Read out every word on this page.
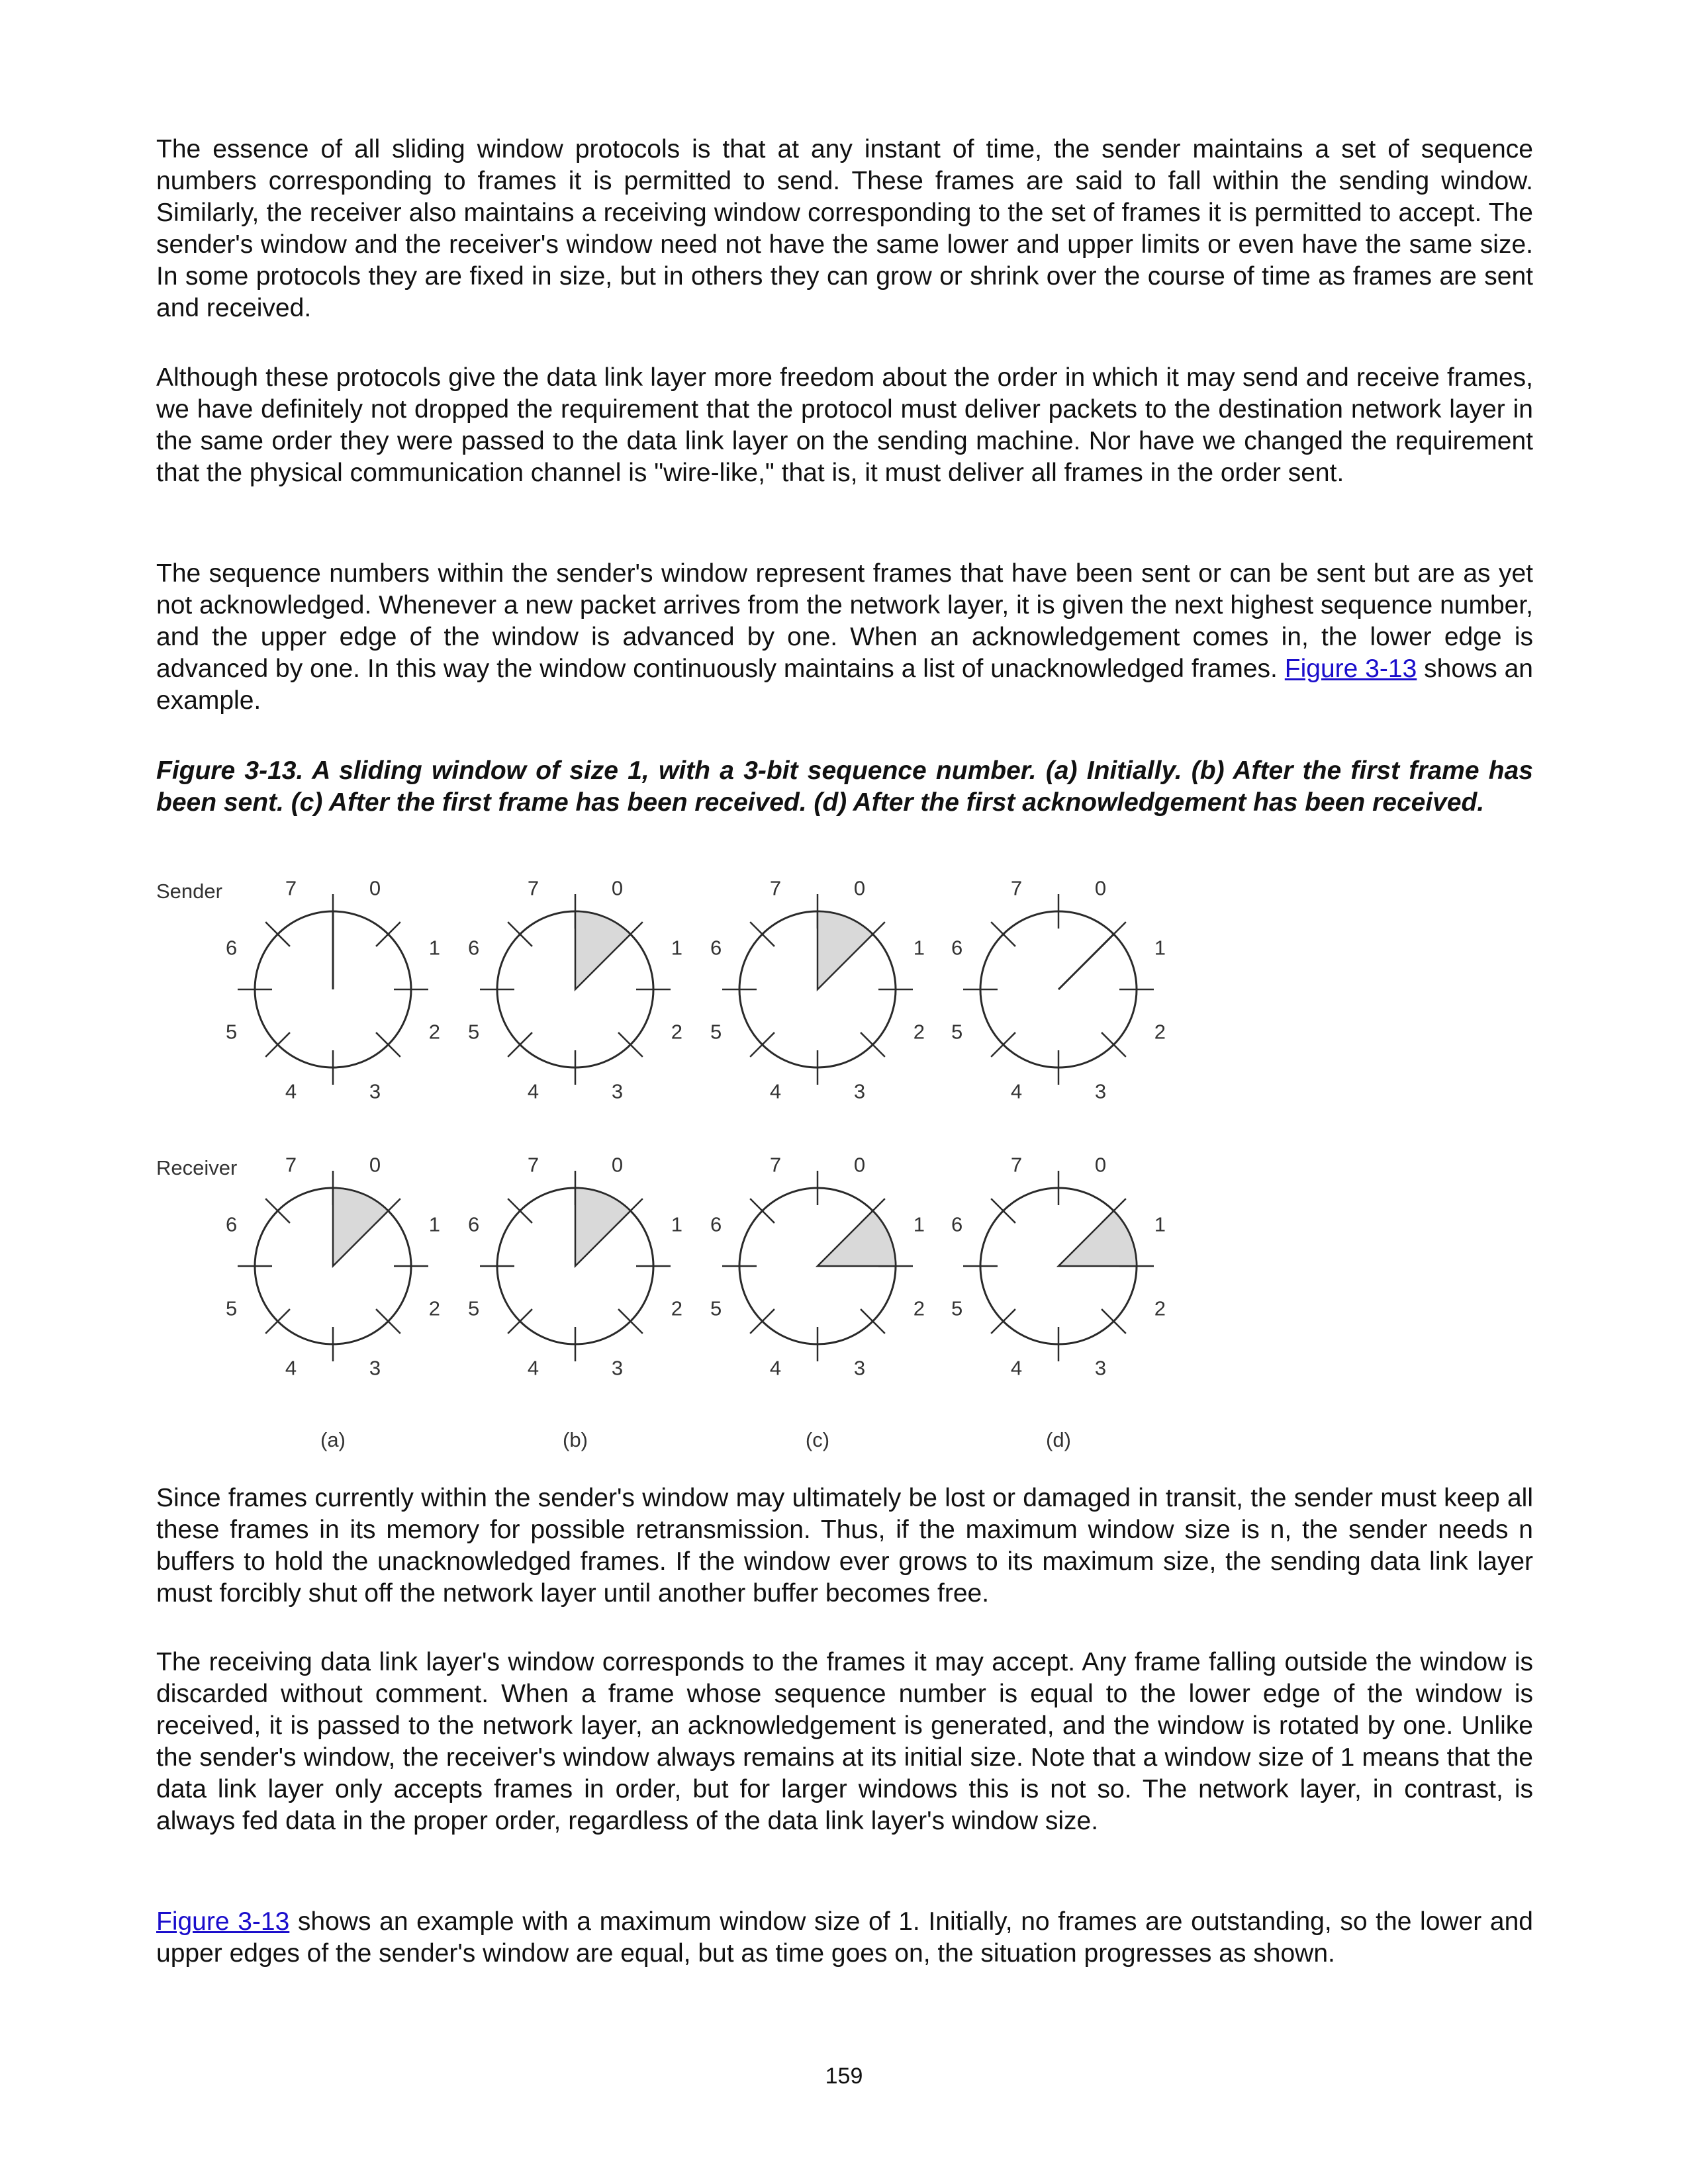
The essence of all sliding window protocols is that at any instant of time, the sender maintains a set of sequence numbers corresponding to frames it is permitted to send. These frames are said to fall within the sending window. Similarly, the receiver also maintains a receiving window corresponding to the set of frames it is permitted to accept. The sender's window and the receiver's window need not have the same lower and upper limits or even have the same size. In some protocols they are fixed in size, but in others they can grow or shrink over the course of time as frames are sent and received.

Although these protocols give the data link layer more freedom about the order in which it may send and receive frames, we have definitely not dropped the requirement that the protocol must deliver packets to the destination network layer in the same order they were passed to the data link layer on the sending machine. Nor have we changed the requirement that the physical communication channel is "wire-like," that is, it must deliver all frames in the order sent.

The sequence numbers within the sender's window represent frames that have been sent or can be sent but are as yet not acknowledged. Whenever a new packet arrives from the network layer, it is given the next highest sequence number, and the upper edge of the window is advanced by one. When an acknowledgement comes in, the lower edge is advanced by one. In this way the window continuously maintains a list of unacknowledged frames. Figure 3-13 shows an example.

Figure 3-13. A sliding window of size 1, with a 3-bit sequence number. (a) Initially. (b) After the first frame has been sent. (c) After the first frame has been received. (d) After the first acknowledgement has been received.

Sender
Receiver
0
1
2
3
4
5
6
7	0
1
2
3
4
5
6
7	0
1
2
3
4
5
6
7	0
1
2
3
4
5
6
7
0
1
2
3
4
5
6
7	0
1
2
3
4
5
6
7	0
1
2
3
4
5
6
7	0
1
2
3
4
5
6
7
(a)	(b)	(c)	(d)

Since frames currently within the sender's window may ultimately be lost or damaged in transit, the sender must keep all these frames in its memory for possible retransmission. Thus, if the maximum window size is n, the sender needs n buffers to hold the unacknowledged frames. If the window ever grows to its maximum size, the sending data link layer must forcibly shut off the network layer until another buffer becomes free.

The receiving data link layer's window corresponds to the frames it may accept. Any frame falling outside the window is discarded without comment. When a frame whose sequence number is equal to the lower edge of the window is received, it is passed to the network layer, an acknowledgement is generated, and the window is rotated by one. Unlike the sender's window, the receiver's window always remains at its initial size. Note that a window size of 1 means that the data link layer only accepts frames in order, but for larger windows this is not so. The network layer, in contrast, is always fed data in the proper order, regardless of the data link layer's window size.

Figure 3-13 shows an example with a maximum window size of 1. Initially, no frames are outstanding, so the lower and upper edges of the sender's window are equal, but as time goes on, the situation progresses as shown.

159
